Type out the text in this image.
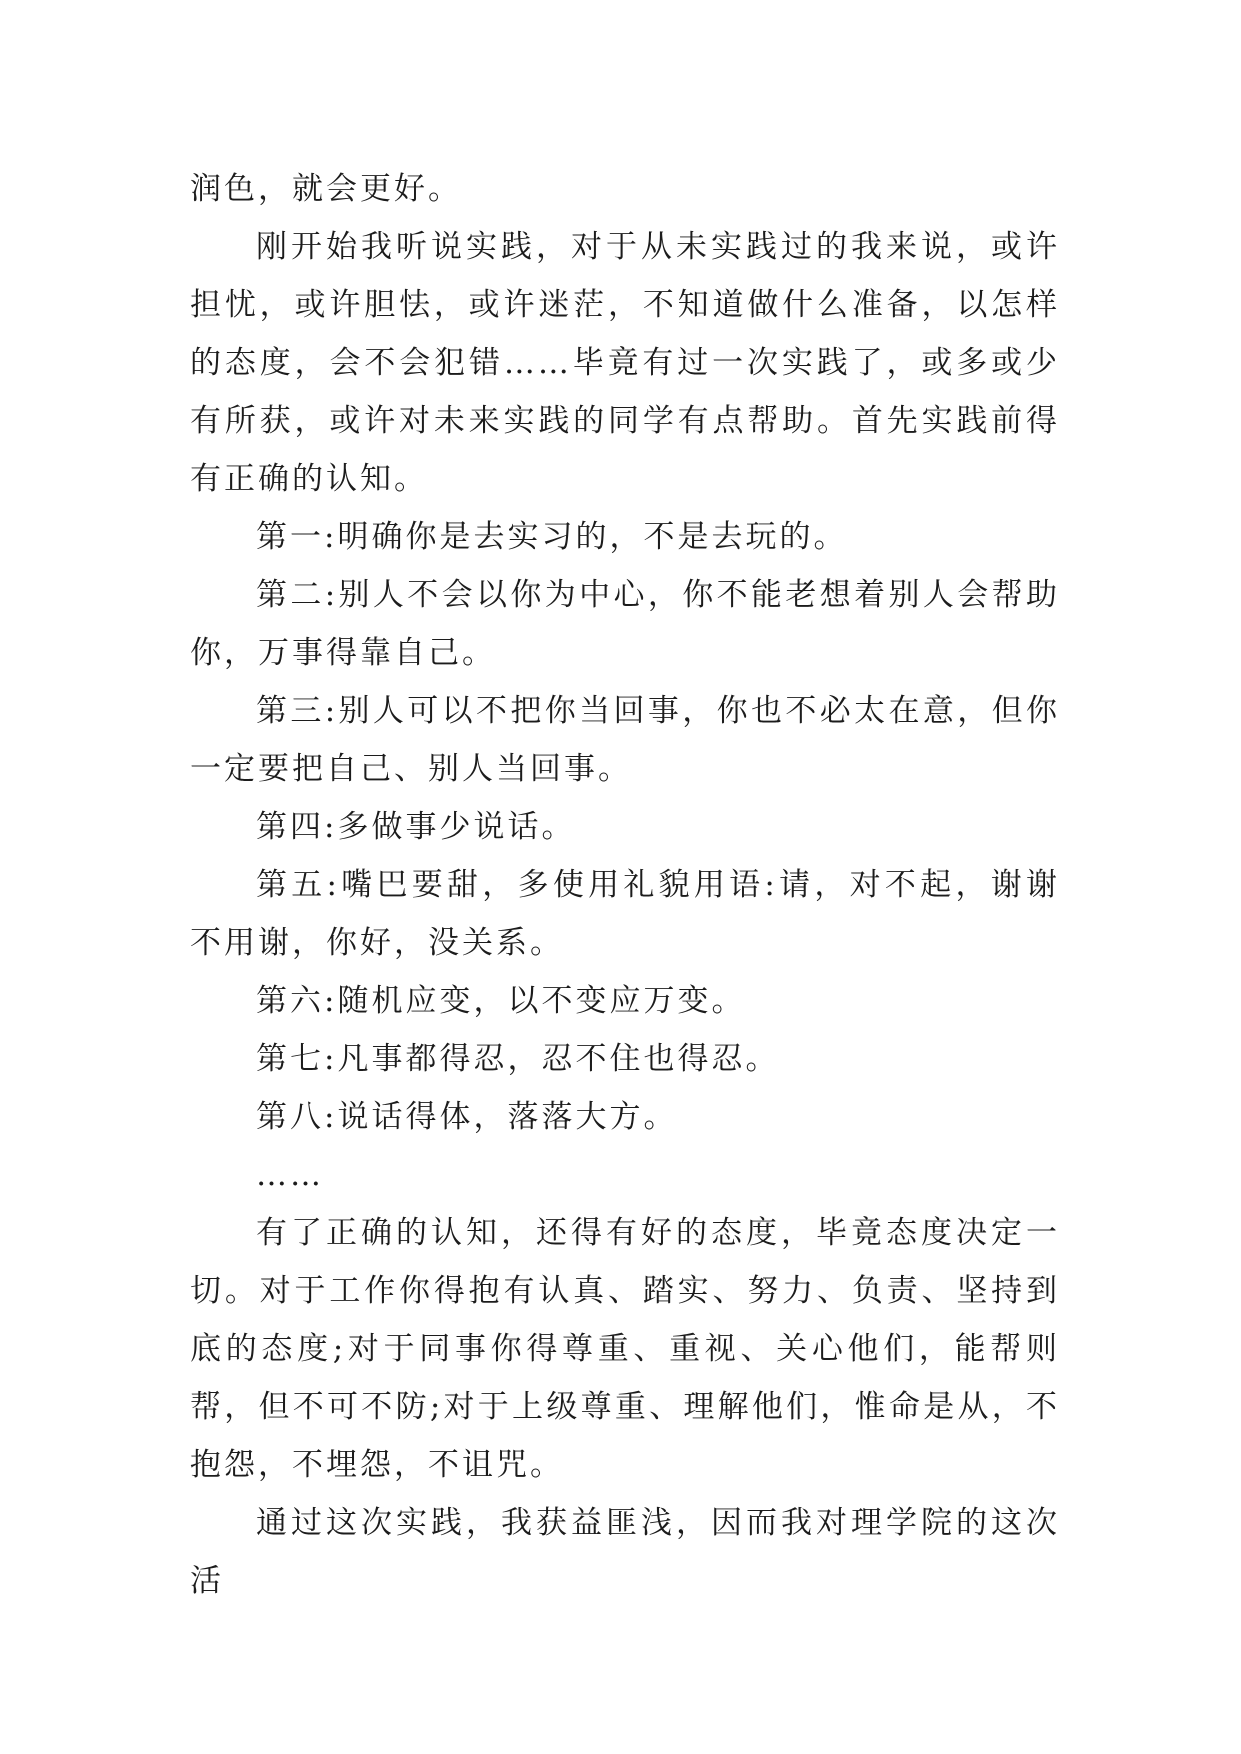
润色，就会更好。

刚开始我听说实践，对于从未实践过的我来说，或许担忧，或许胆怯，或许迷茫，不知道做什么准备，以怎样的态度，会不会犯错……毕竟有过一次实践了，或多或少有所获，或许对未来实践的同学有点帮助。首先实践前得有正确的认知。

第一:明确你是去实习的，不是去玩的。

第二:别人不会以你为中心，你不能老想着别人会帮助你，万事得靠自己。

第三:别人可以不把你当回事，你也不必太在意，但你一定要把自己、别人当回事。

第四:多做事少说话。

第五:嘴巴要甜，多使用礼貌用语:请，对不起，谢谢不用谢，你好，没关系。

第六:随机应变，以不变应万变。

第七:凡事都得忍，忍不住也得忍。

第八:说话得体，落落大方。

……

有了正确的认知，还得有好的态度，毕竟态度决定一切。对于工作你得抱有认真、踏实、努力、负责、坚持到底的态度;对于同事你得尊重、重视、关心他们，能帮则帮，但不可不防;对于上级尊重、理解他们，惟命是从，不抱怨，不埋怨，不诅咒。

通过这次实践，我获益匪浅，因而我对理学院的这次活
